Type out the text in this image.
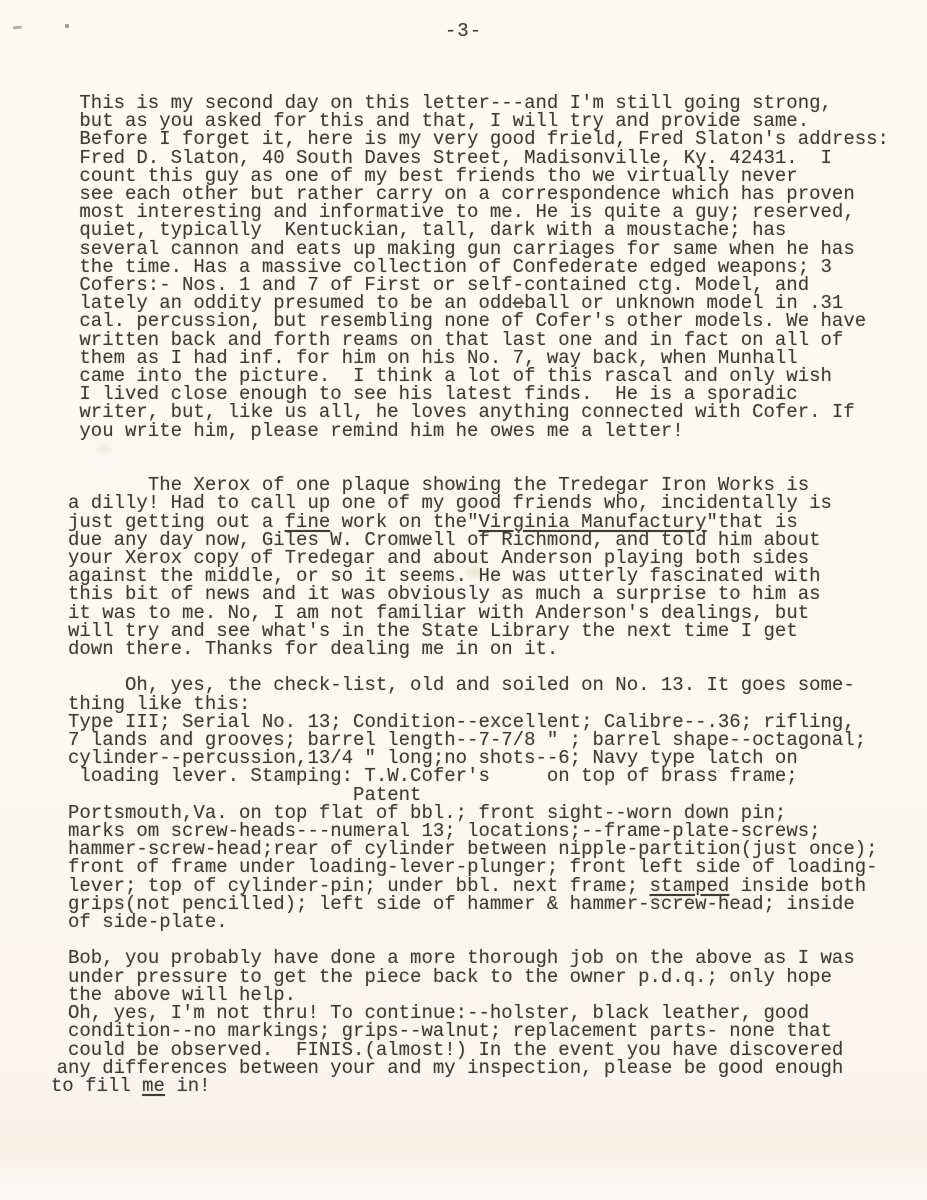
-3-
This is my second day on this letter---and I'm still going strong,
but as you asked for this and that, I will try and provide same.
Before I forget it, here is my very good frield, Fred Slaton's address:
Fred D. Slaton, 40 South Daves Street, Madisonville, Ky. 42431.  I
count this guy as one of my best friends tho we virtually never
see each other but rather carry on a correspondence which has proven
most interesting and informative to me. He is quite a guy; reserved,
quiet, typically  Kentuckian, tall, dark with a moustache; has
several cannon and eats up making gun carriages for same when he has
the time. Has a massive collection of Confederate edged weapons; 3
Cofers:- Nos. 1 and 7 of First or self-contained ctg. Model, and
lately an oddity presumed to be an oddeball or unknown model in .31
cal. percussion, but resembling none of Cofer's other models. We have
written back and forth reams on that last one and in fact on all of
them as I had inf. for him on his No. 7, way back, when Munhall
came into the picture.  I think a lot of this rascal and only wish
I lived close enough to see his latest finds.  He is a sporadic
writer, but, like us all, he loves anything connected with Cofer. If
you write him, please remind him he owes me a letter!
The Xerox of one plaque showing the Tredegar Iron Works is
a dilly! Had to call up one of my good friends who, incidentally is
just getting out a fine work on the"Virginia Manufactury"that is
due any day now, Giles W. Cromwell of Richmond, and told him about
your Xerox copy of Tredegar and about Anderson playing both sides
against the middle, or so it seems. He was utterly fascinated with
this bit of news and it was obviously as much a surprise to him as
it was to me. No, I am not familiar with Anderson's dealings, but
will try and see what's in the State Library the next time I get
down there. Thanks for dealing me in on it.
Oh, yes, the check-list, old and soiled on No. 13. It goes some-
thing like this:
Type III; Serial No. 13; Condition--excellent; Calibre--.36; rifling,
7 lands and grooves; barrel length--7-7/8 " ; barrel shape--octagonal;
cylinder--percussion,13/4 " long;no shots--6; Navy type latch on
loading lever. Stamping: T.W.Cofer's     on top of brass frame;
Patent
Portsmouth,Va. on top flat of bbl.; front sight--worn down pin;
marks om screw-heads---numeral 13; locations;--frame-plate-screws;
hammer-screw-head;rear of cylinder between nipple-partition(just once);
front of frame under loading-lever-plunger; front left side of loading-
lever; top of cylinder-pin; under bbl. next frame; stamped inside both
grips(not pencilled); left side of hammer & hammer-screw-head; inside
of side-plate.
Bob, you probably have done a more thorough job on the above as I was
under pressure to get the piece back to the owner p.d.q.; only hope
the above will help.
Oh, yes, I'm not thru! To continue:--holster, black leather, good
condition--no markings; grips--walnut; replacement parts- none that
could be observed.  FINIS.(almost!) In the event you have discovered
any differences between your and my inspection, please be good enough
to fill me in!
